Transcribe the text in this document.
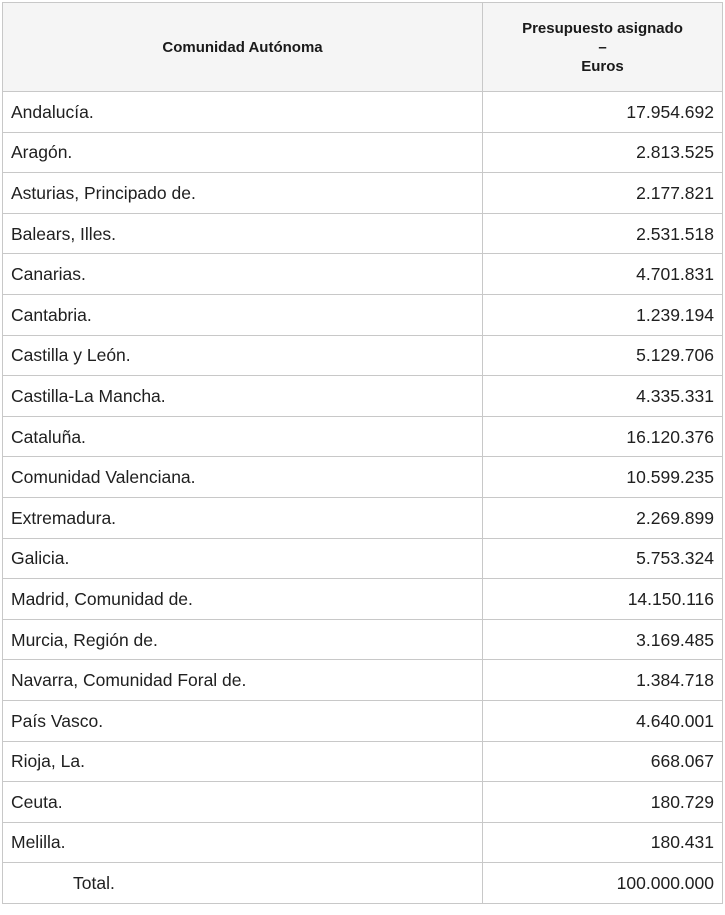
Comunidad Autónoma	Presupuesto asignado
–
Euros

Andalucía.	17.954.692
Aragón.	2.813.525
Asturias, Principado de.	2.177.821
Balears, Illes.	2.531.518
Canarias.	4.701.831
Cantabria.	1.239.194
Castilla y León.	5.129.706
Castilla-La Mancha.	4.335.331
Cataluña.	16.120.376
Comunidad Valenciana.	10.599.235
Extremadura.	2.269.899
Galicia.	5.753.324
Madrid, Comunidad de.	14.150.116
Murcia, Región de.	3.169.485
Navarra, Comunidad Foral de.	1.384.718
País Vasco.	4.640.001
Rioja, La.	668.067
Ceuta.	180.729
Melilla.	180.431
Total.	100.000.000
